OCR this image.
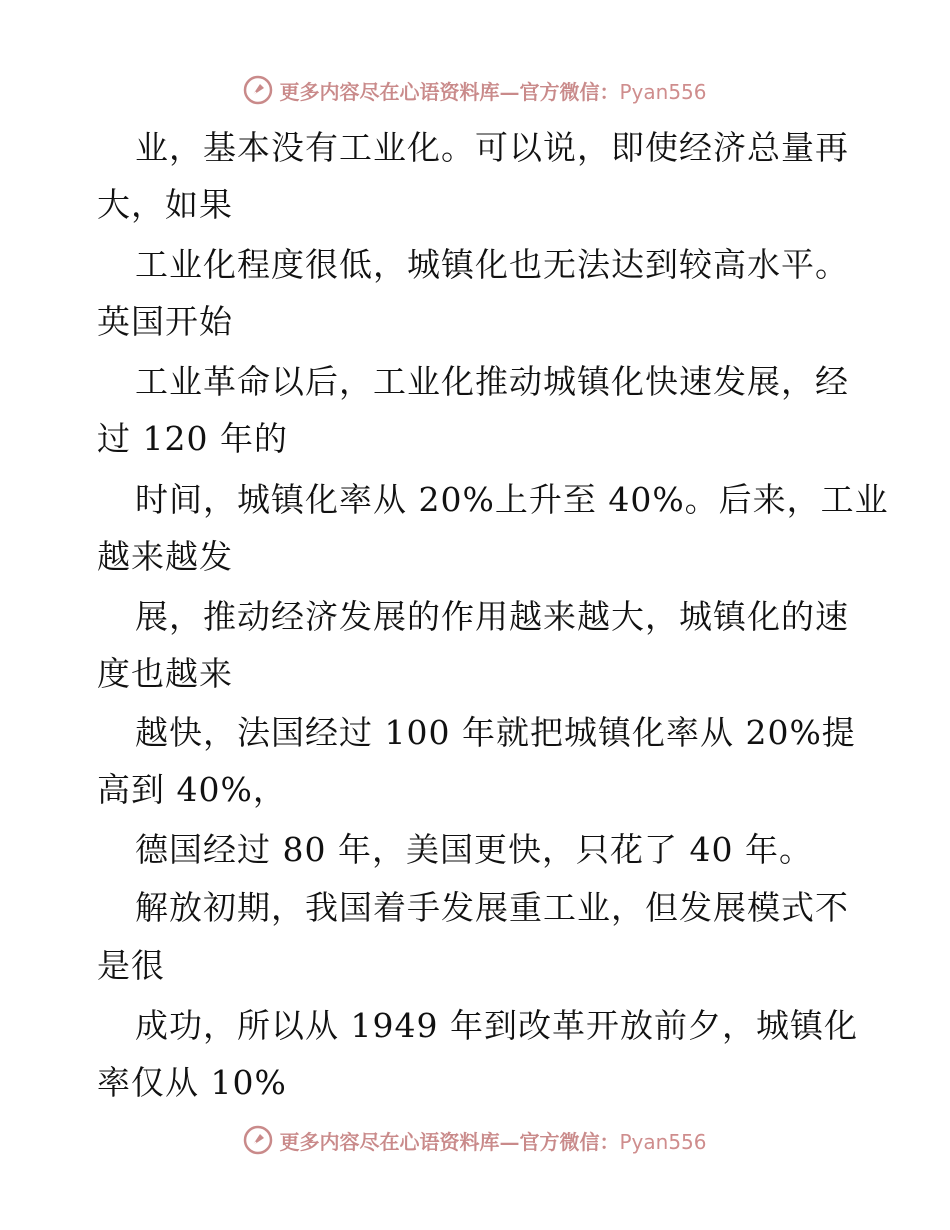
更多内容尽在心语资料库—官方微信：Pyan556
业，基本没有工业化。可以说，即使经济总量再
大，如果
工业化程度很低，城镇化也无法达到较高水平。
英国开始
工业革命以后，工业化推动城镇化快速发展，经
过 120 年的
时间，城镇化率从 20%上升至 40%。后来，工业
越来越发
展，推动经济发展的作用越来越大，城镇化的速
度也越来
越快，法国经过 100 年就把城镇化率从 20%提
高到 40%，
德国经过 80 年，美国更快，只花了 40 年。
解放初期，我国着手发展重工业，但发展模式不
是很
成功，所以从 1949 年到改革开放前夕，城镇化
率仅从 10%
更多内容尽在心语资料库—官方微信：Pyan556
